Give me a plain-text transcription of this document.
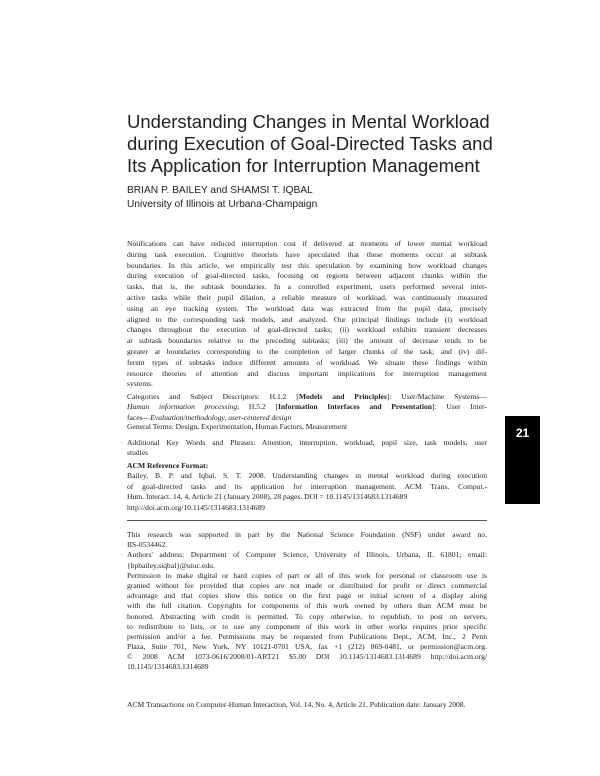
Understanding Changes in Mental Workload
during Execution of Goal-Directed Tasks and
Its Application for Interruption Management
BRIAN P. BAILEY and SHAMSI T. IQBAL
University of Illinois at Urbana-Champaign
Notifications can have reduced interruption cost if delivered at moments of lower mental workload
during task execution. Cognitive theorists have speculated that these moments occur at subtask
boundaries. In this article, we empirically test this speculation by examining how workload changes
during execution of goal-directed tasks, focusing on regions between adjacent chunks within the
tasks, that is, the subtask boundaries. In a controlled experiment, users performed several inter-
active tasks while their pupil dilation, a reliable measure of workload, was continuously measured
using an eye tracking system. The workload data was extracted from the pupil data, precisely
aligned to the corresponding task models, and analyzed. Our principal findings include (i) workload
changes throughout the execution of goal-directed tasks; (ii) workload exhibits transient decreases
at subtask boundaries relative to the preceding subtasks; (iii) the amount of decrease tends to be
greater at boundaries corresponding to the completion of larger chunks of the task; and (iv) dif-
ferent types of subtasks induce different amounts of workload. We situate these findings within
resource theories of attention and discuss important implications for interruption management
systems.
Categories and Subject Descriptors: H.1.2 [Models and Principles]: User/Machine Systems—
Human information processing; H.5.2 [Information Interfaces and Presentation]: User Inter-
faces—Evaluation/methodology, user-centered design
General Terms: Design, Experimentation, Human Factors, Measurement
Additional Key Words and Phrases: Attention, interruption, workload, pupil size, task models, user
studies
ACM Reference Format:
Bailey, B. P. and Iqbal, S. T. 2008. Understanding changes in mental workload during execution
of goal-directed tasks and its application for interruption management. ACM Trans. Comput.-
Hum. Interact. 14, 4, Article 21 (January 2008), 28 pages. DOI = 10.1145/1314683.1314689
http://doi.acm.org/10.1145/1314683.1314689
This research was supported in part by the National Science Foundation (NSF) under award no.
IIS-0534462.
Authors' address: Department of Computer Science, University of Illinois, Urbana, IL 61801; email:
{bpbailey,siqbal}@uiuc.edu.
Permission to make digital or hard copies of part or all of this work for personal or classroom use is
granted without fee provided that copies are not made or distributed for profit or direct commercial
advantage and that copies show this notice on the first page or initial screen of a display along
with the full citation. Copyrights for components of this work owned by others than ACM must be
honored. Abstracting with credit is permitted. To copy otherwise, to republish, to post on servers,
to redistribute to lists, or to use any component of this work in other works requires prior specific
permission and/or a fee. Permissions may be requested from Publications Dept., ACM, Inc., 2 Penn
Plaza, Suite 701, New York, NY 10121-0701 USA, fax +1 (212) 869-0481, or permission@acm.org.
© 2008 ACM 1073-0616/2008/01-ART21 $5.00 DOI 10.1145/1314683.1314689 http://doi.acm.org/
10.1145/1314683.1314689
ACM Transactions on Computer-Human Interaction, Vol. 14, No. 4, Article 21, Publication date: January 2008.
21
